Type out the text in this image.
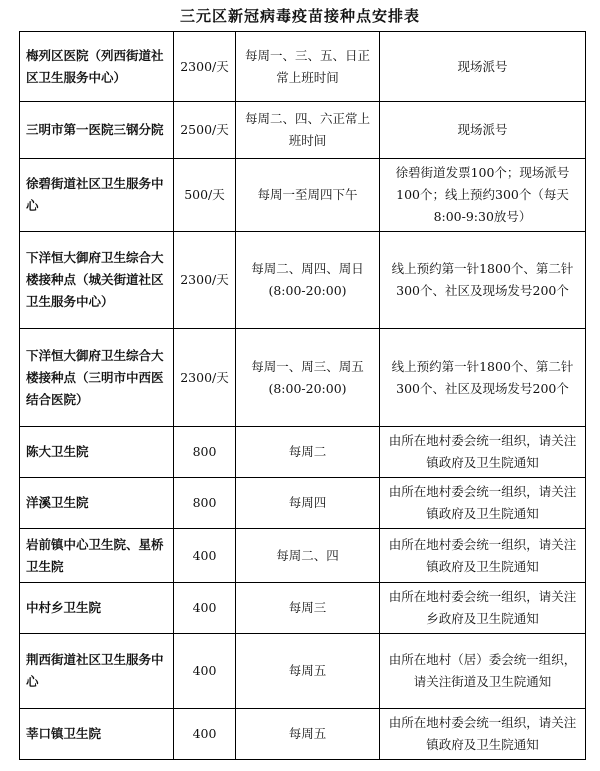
三元区新冠病毒疫苗接种点安排表
梅列区医院（列西街道社区卫生服务中心）	2300/天	每周一、三、五、日正常上班时间	现场派号
三明市第一医院三钢分院	2500/天	每周二、四、六正常上班时间	现场派号
徐碧街道社区卫生服务中心	500/天	每周一至周四下午	徐碧街道发票100个；现场派号100个；线上预约300个（每天8:00-9:30放号）
下洋恒大御府卫生综合大楼接种点（城关街道社区卫生服务中心）	2300/天	每周二、周四、周日(8:00-20:00)	线上预约第一针1800个、第二针300个、社区及现场发号200个
下洋恒大御府卫生综合大楼接种点（三明市中西医结合医院）	2300/天	每周一、周三、周五(8:00-20:00)	线上预约第一针1800个、第二针300个、社区及现场发号200个
陈大卫生院	800	每周二	由所在地村委会统一组织，请关注镇政府及卫生院通知
洋溪卫生院	800	每周四	由所在地村委会统一组织，请关注镇政府及卫生院通知
岩前镇中心卫生院、星桥卫生院	400	每周二、四	由所在地村委会统一组织，请关注镇政府及卫生院通知
中村乡卫生院	400	每周三	由所在地村委会统一组织，请关注乡政府及卫生院通知
荆西街道社区卫生服务中心	400	每周五	由所在地村（居）委会统一组织，请关注街道及卫生院通知
莘口镇卫生院	400	每周五	由所在地村委会统一组织，请关注镇政府及卫生院通知
